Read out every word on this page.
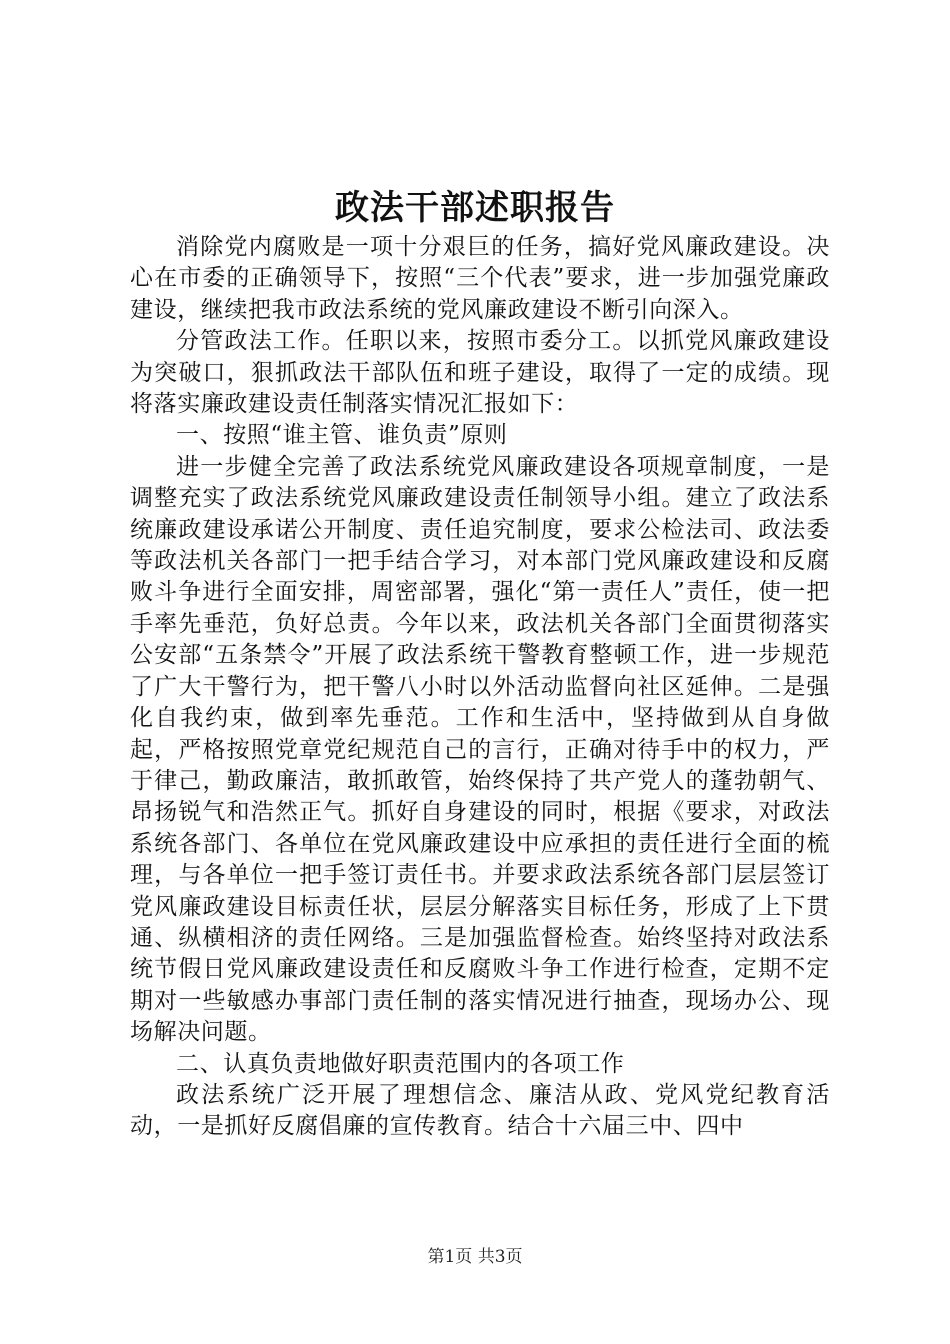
政法干部述职报告

消除党内腐败是一项十分艰巨的任务，搞好党风廉政建设。决心在市委的正确领导下，按照“三个代表”要求，进一步加强党廉政建设，继续把我市政法系统的党风廉政建设不断引向深入。

分管政法工作。任职以来，按照市委分工。以抓党风廉政建设为突破口，狠抓政法干部队伍和班子建设，取得了一定的成绩。现将落实廉政建设责任制落实情况汇报如下：

一、按照“谁主管、谁负责”原则

进一步健全完善了政法系统党风廉政建设各项规章制度，一是调整充实了政法系统党风廉政建设责任制领导小组。建立了政法系统廉政建设承诺公开制度、责任追究制度，要求公检法司、政法委等政法机关各部门一把手结合学习，对本部门党风廉政建设和反腐败斗争进行全面安排，周密部署，强化“第一责任人”责任，使一把手率先垂范，负好总责。今年以来，政法机关各部门全面贯彻落实公安部“五条禁令”开展了政法系统干警教育整顿工作，进一步规范了广大干警行为，把干警八小时以外活动监督向社区延伸。二是强化自我约束，做到率先垂范。工作和生活中，坚持做到从自身做起，严格按照党章党纪规范自己的言行，正确对待手中的权力，严于律己，勤政廉洁，敢抓敢管，始终保持了共产党人的蓬勃朝气、昂扬锐气和浩然正气。抓好自身建设的同时，根据《要求，对政法系统各部门、各单位在党风廉政建设中应承担的责任进行全面的梳理，与各单位一把手签订责任书。并要求政法系统各部门层层签订党风廉政建设目标责任状，层层分解落实目标任务，形成了上下贯通、纵横相济的责任网络。三是加强监督检查。始终坚持对政法系统节假日党风廉政建设责任和反腐败斗争工作进行检查，定期不定期对一些敏感办事部门责任制的落实情况进行抽查，现场办公、现场解决问题。

二、认真负责地做好职责范围内的各项工作

政法系统广泛开展了理想信念、廉洁从政、党风党纪教育活动，一是抓好反腐倡廉的宣传教育。结合十六届三中、四中

第1页 共3页
